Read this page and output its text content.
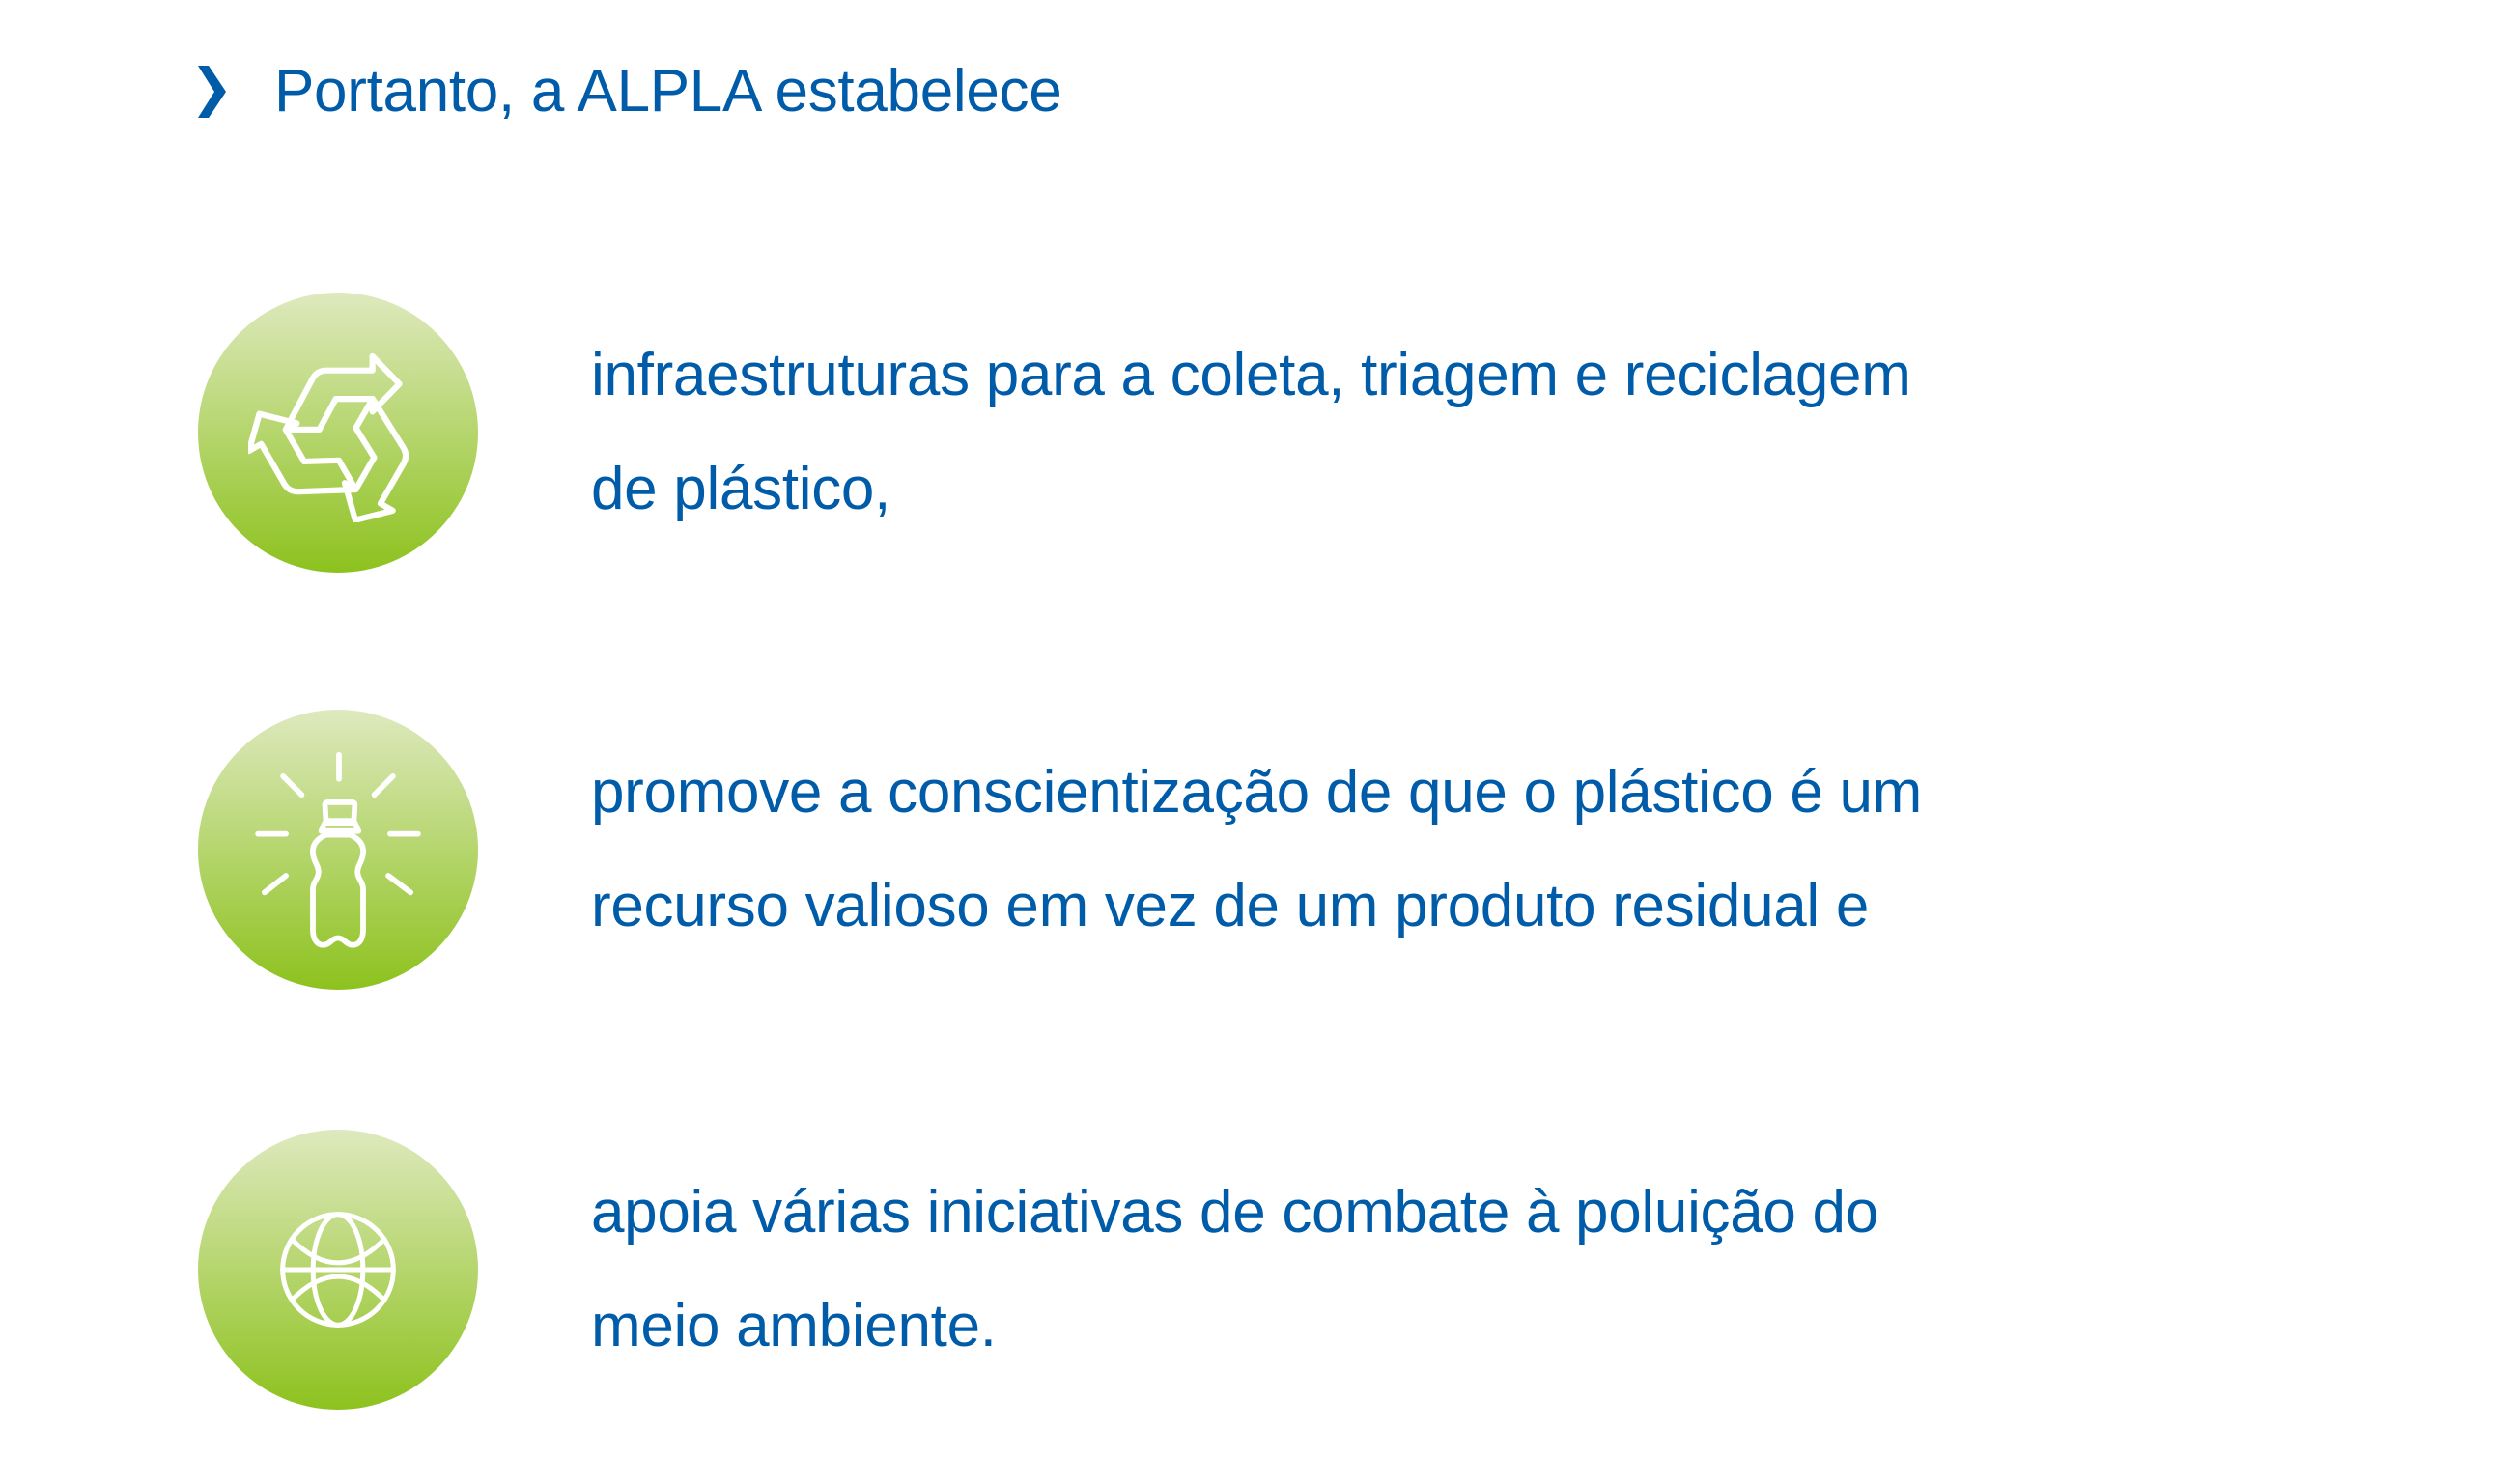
Portanto, a ALPLA estabelece
infraestruturas para a coleta, triagem e reciclagem
de plástico,
promove a conscientização de que o plástico é um
recurso valioso em vez de um produto residual e
apoia várias iniciativas de combate à poluição do
meio ambiente.
